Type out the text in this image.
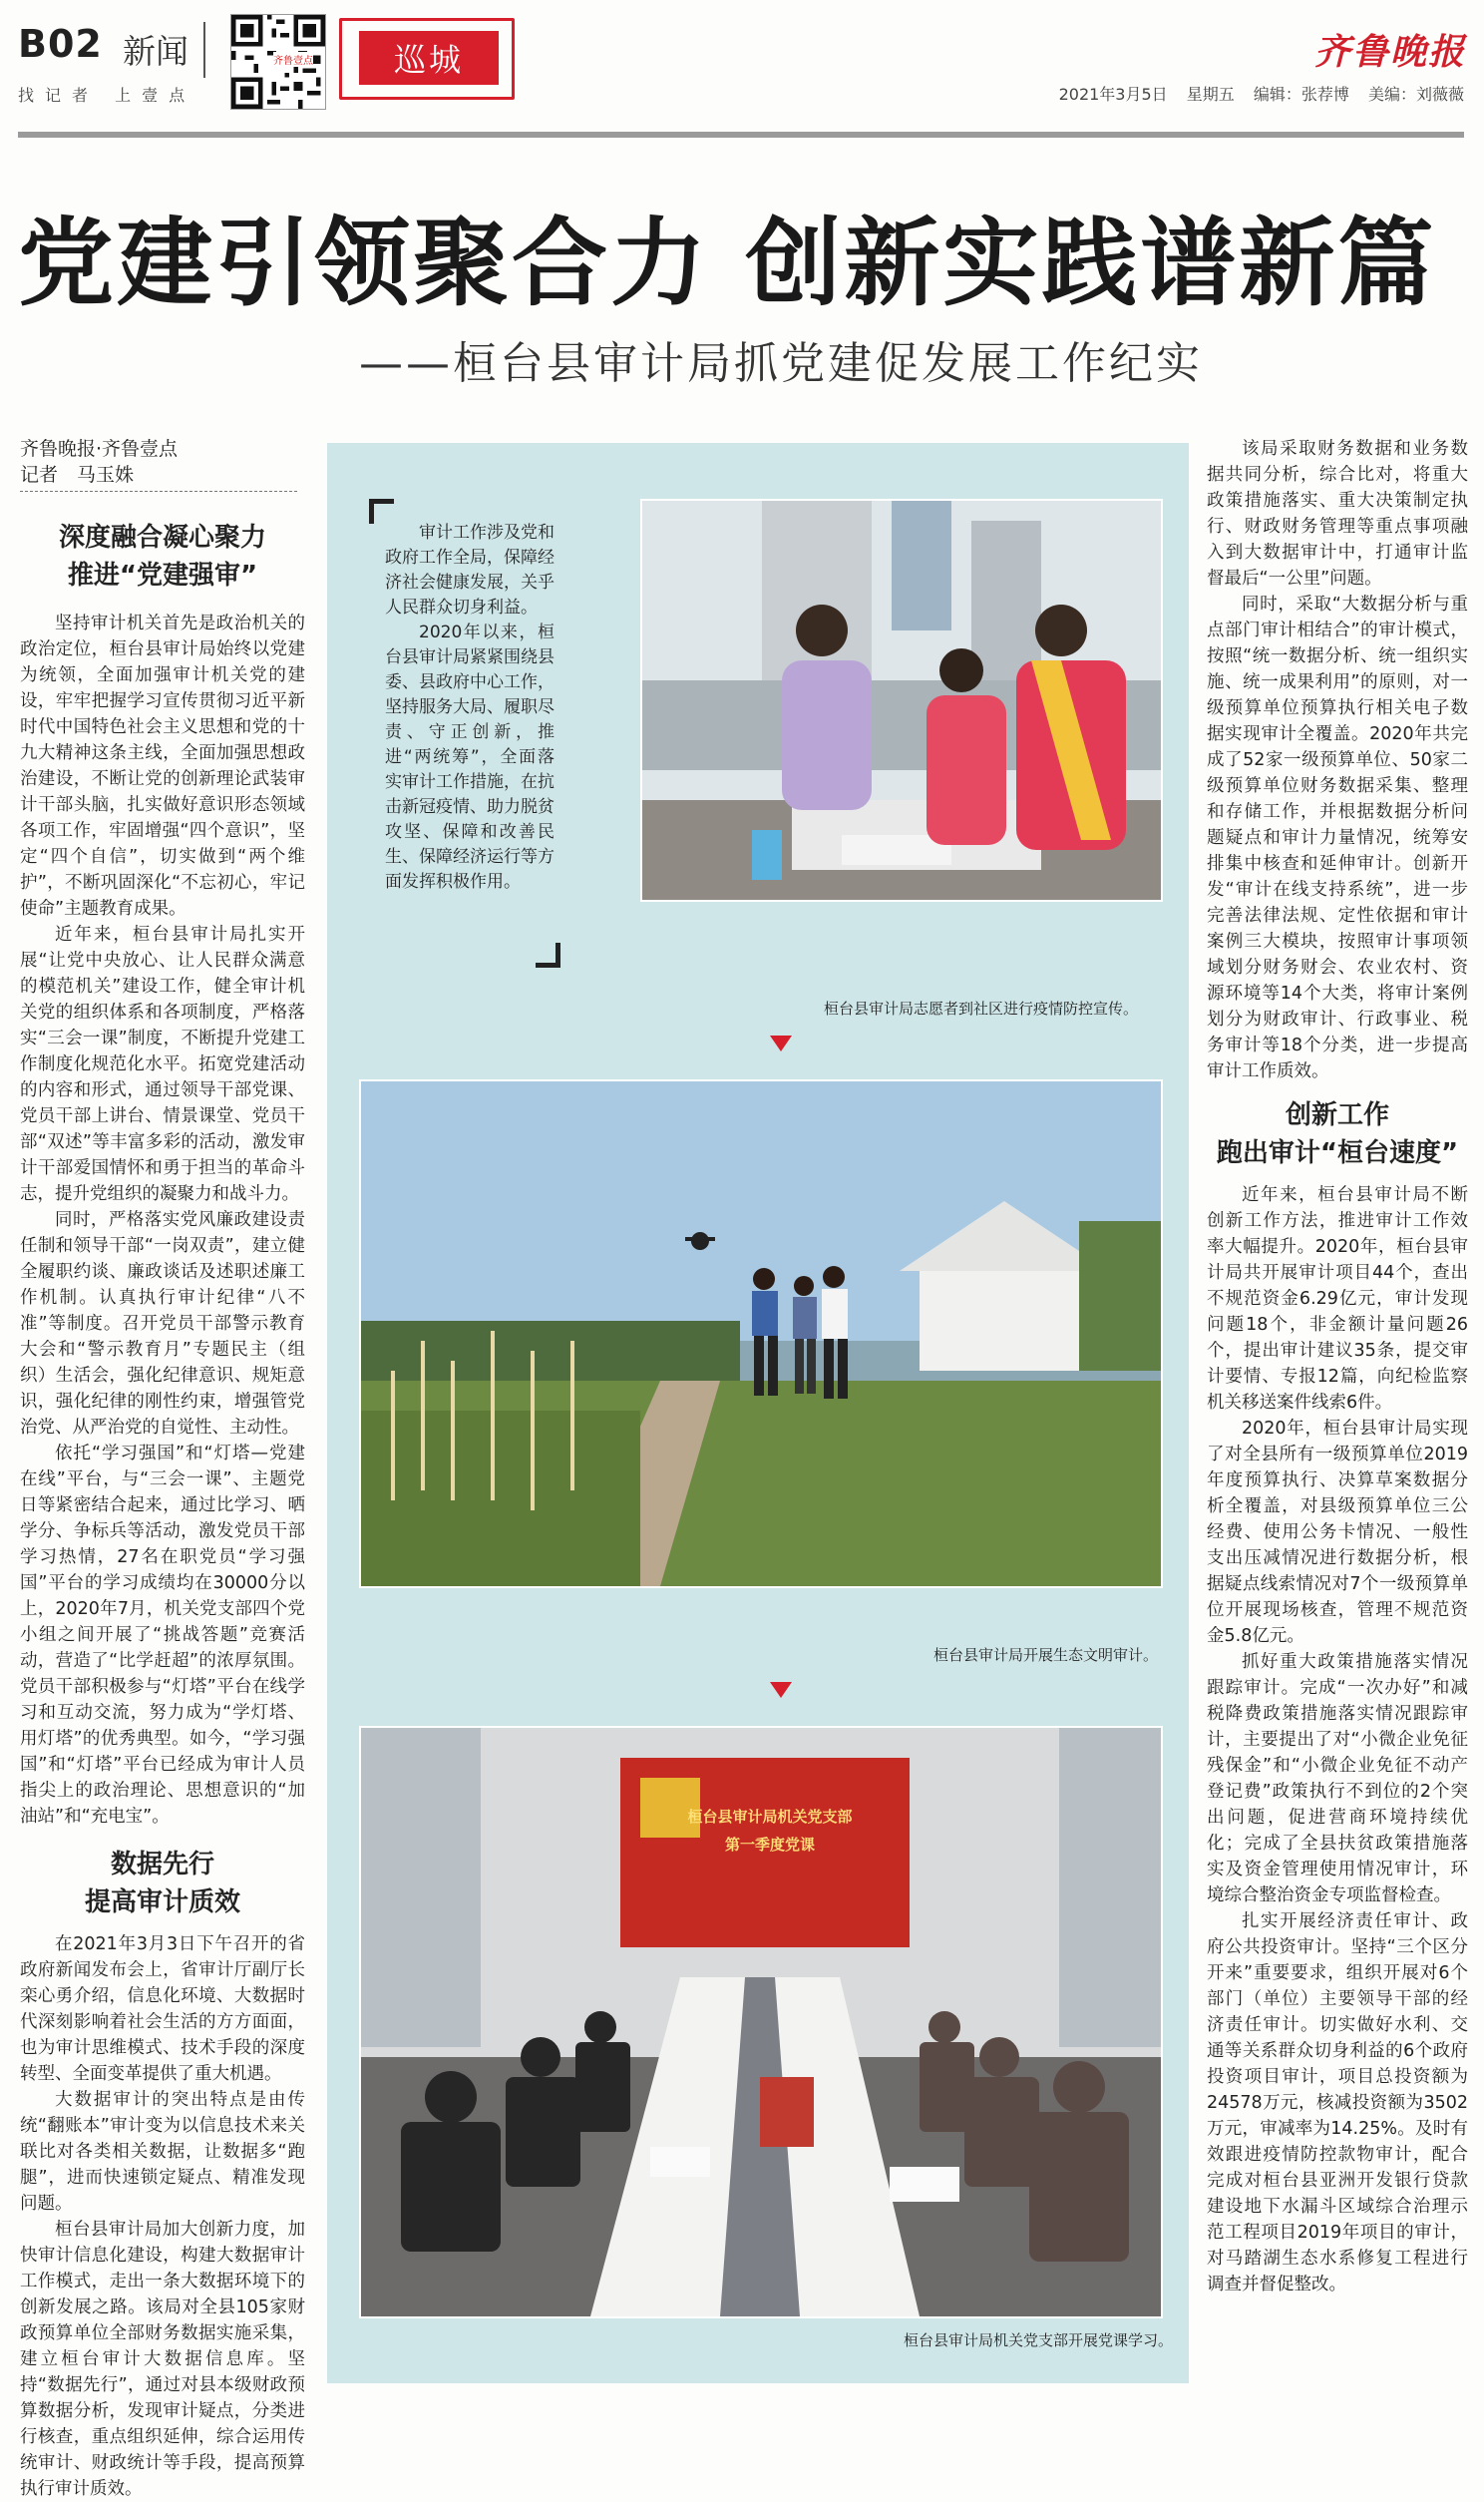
B02 新闻
找记者 上壹点
齐鲁壹点	巡城	齐鲁晚报
2021年3月5日 星期五 编辑：张荐博 美编：刘薇薇
党建引领聚合力 创新实践谱新篇
——桓台县审计局抓党建促发展工作纪实
齐鲁晚报·齐鲁壹点
记者　马玉姝
深度融合凝心聚力
推进“党建强审”

坚持审计机关首先是政治机关的政治定位，桓台县审计局始终以党建为统领，全面加强审计机关党的建设，牢牢把握学习宣传贯彻习近平新时代中国特色社会主义思想和党的十九大精神这条主线，全面加强思想政治建设，不断让党的创新理论武装审计干部头脑，扎实做好意识形态领域各项工作，牢固增强“四个意识”，坚定“四个自信”，切实做到“两个维护”，不断巩固深化“不忘初心，牢记使命”主题教育成果。

近年来，桓台县审计局扎实开展“让党中央放心、让人民群众满意的模范机关”建设工作，健全审计机关党的组织体系和各项制度，严格落实“三会一课”制度，不断提升党建工作制度化规范化水平。拓宽党建活动的内容和形式，通过领导干部党课、党员干部上讲台、情景课堂、党员干部“双述”等丰富多彩的活动，激发审计干部爱国情怀和勇于担当的革命斗志，提升党组织的凝聚力和战斗力。

同时，严格落实党风廉政建设责任制和领导干部“一岗双责”，建立健全履职约谈、廉政谈话及述职述廉工作机制。认真执行审计纪律“八不准”等制度。召开党员干部警示教育大会和“警示教育月”专题民主（组织）生活会，强化纪律意识、规矩意识，强化纪律的刚性约束，增强管党治党、从严治党的自觉性、主动性。

依托“学习强国”和“灯塔—党建在线”平台，与“三会一课”、主题党日等紧密结合起来，通过比学习、晒学分、争标兵等活动，激发党员干部学习热情，27名在职党员“学习强国”平台的学习成绩均在30000分以上，2020年7月，机关党支部四个党小组之间开展了“挑战答题”竞赛活动，营造了“比学赶超”的浓厚氛围。党员干部积极参与“灯塔”平台在线学习和互动交流，努力成为“学灯塔、用灯塔”的优秀典型。如今，“学习强国”和“灯塔”平台已经成为审计人员指尖上的政治理论、思想意识的“加油站”和“充电宝”。

数据先行
提高审计质效

在2021年3月3日下午召开的省政府新闻发布会上，省审计厅副厅长栾心勇介绍，信息化环境、大数据时代深刻影响着社会生活的方方面面，也为审计思维模式、技术手段的深度转型、全面变革提供了重大机遇。

大数据审计的突出特点是由传统“翻账本”审计变为以信息技术来关联比对各类相关数据，让数据多“跑腿”，进而快速锁定疑点、精准发现问题。

桓台县审计局加大创新力度，加快审计信息化建设，构建大数据审计工作模式，走出一条大数据环境下的创新发展之路。该局对全县105家财政预算单位全部财务数据实施采集，建立桓台审计大数据信息库。坚持“数据先行”，通过对县本级财政预算数据分析，发现审计疑点，分类进行核查，重点组织延伸，综合运用传统审计、财政统计等手段，提高预算执行审计质效。

审计工作涉及党和政府工作全局，保障经济社会健康发展，关乎人民群众切身利益。

2020年以来，桓台县审计局紧紧围绕县委、县政府中心工作，坚持服务大局、履职尽责、守正创新，推进“两统筹”，全面落实审计工作措施，在抗击新冠疫情、助力脱贫攻坚、保障和改善民生、保障经济运行等方面发挥积极作用。

桓台县审计局志愿者到社区进行疫情防控宣传。
桓台县审计局开展生态文明审计。
桓台县审计局机关党支部
第一季度党课
桓台县审计局机关党支部开展党课学习。

该局采取财务数据和业务数据共同分析，综合比对，将重大政策措施落实、重大决策制定执行、财政财务管理等重点事项融入到大数据审计中，打通审计监督最后“一公里”问题。

同时，采取“大数据分析与重点部门审计相结合”的审计模式，按照“统一数据分析、统一组织实施、统一成果利用”的原则，对一级预算单位预算执行相关电子数据实现审计全覆盖。2020年共完成了52家一级预算单位、50家二级预算单位财务数据采集、整理和存储工作，并根据数据分析问题疑点和审计力量情况，统筹安排集中核查和延伸审计。创新开发“审计在线支持系统”，进一步完善法律法规、定性依据和审计案例三大模块，按照审计事项领域划分财务财会、农业农村、资源环境等14个大类，将审计案例划分为财政审计、行政事业、税务审计等18个分类，进一步提高审计工作质效。

创新工作
跑出审计“桓台速度”

近年来，桓台县审计局不断创新工作方法，推进审计工作效率大幅提升。2020年，桓台县审计局共开展审计项目44个，查出不规范资金6.29亿元，审计发现问题18个，非金额计量问题26个，提出审计建议35条，提交审计要情、专报12篇，向纪检监察机关移送案件线索6件。

2020年，桓台县审计局实现了对全县所有一级预算单位2019年度预算执行、决算草案数据分析全覆盖，对县级预算单位三公经费、使用公务卡情况、一般性支出压减情况进行数据分析，根据疑点线索情况对7个一级预算单位开展现场核查，管理不规范资金5.8亿元。

抓好重大政策措施落实情况跟踪审计。完成“一次办好”和减税降费政策措施落实情况跟踪审计，主要提出了对“小微企业免征残保金”和“小微企业免征不动产登记费”政策执行不到位的2个突出问题，促进营商环境持续优化；完成了全县扶贫政策措施落实及资金管理使用情况审计，环境综合整治资金专项监督检查。

扎实开展经济责任审计、政府公共投资审计。坚持“三个区分开来”重要要求，组织开展对6个部门（单位）主要领导干部的经济责任审计。切实做好水利、交通等关系群众切身利益的6个政府投资项目审计，项目总投资额为24578万元，核减投资额为3502万元，审减率为14.25%。及时有效跟进疫情防控款物审计，配合完成对桓台县亚洲开发银行贷款建设地下水漏斗区域综合治理示范工程项目2019年项目的审计，对马踏湖生态水系修复工程进行调查并督促整改。
